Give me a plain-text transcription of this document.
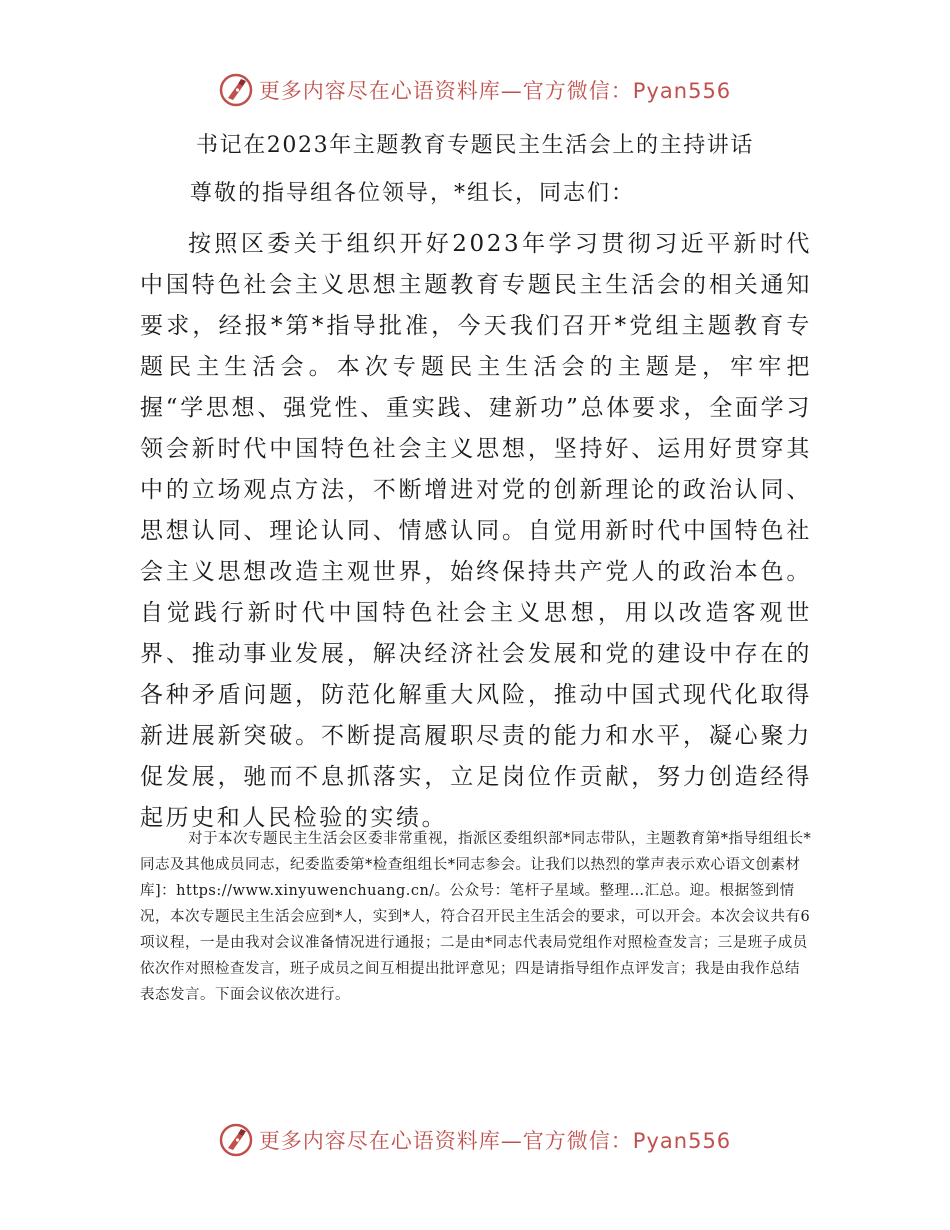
更多内容尽在心语资料库—官方微信：Pyan556
书记在2023年主题教育专题民主生活会上的主持讲话
尊敬的指导组各位领导，*组长，同志们：

按照区委关于组织开好2023年学习贯彻习近平新时代中国特色社会主义思想主题教育专题民主生活会的相关通知要求，经报*第*指导批准，今天我们召开*党组主题教育专题民主生活会。本次专题民主生活会的主题是，牢牢把握“学思想、强党性、重实践、建新功”总体要求，全面学习领会新时代中国特色社会主义思想，坚持好、运用好贯穿其中的立场观点方法，不断增进对党的创新理论的政治认同、思想认同、理论认同、情感认同。自觉用新时代中国特色社会主义思想改造主观世界，始终保持共产党人的政治本色。自觉践行新时代中国特色社会主义思想，用以改造客观世界、推动事业发展，解决经济社会发展和党的建设中存在的各种矛盾问题，防范化解重大风险，推动中国式现代化取得新进展新突破。不断提高履职尽责的能力和水平，凝心聚力促发展，驰而不息抓落实，立足岗位作贡献，努力创造经得起历史和人民检验的实绩。

对于本次专题民主生活会区委非常重视，指派区委组织部*同志带队，主题教育第*指导组组长*同志及其他成员同志，纪委监委第*检查组组长*同志参会。让我们以热烈的掌声表示欢心语文创素材库]：https://www.xinyuwenchuang.cn/。公众号：笔杆子星域。整理…汇总。迎。根据签到情况，本次专题民主生活会应到*人，实到*人，符合召开民主生活会的要求，可以开会。本次会议共有6项议程，一是由我对会议准备情况进行通报；二是由*同志代表局党组作对照检查发言；三是班子成员依次作对照检查发言，班子成员之间互相提出批评意见；四是请指导组作点评发言；我是由我作总结表态发言。下面会议依次进行。

更多内容尽在心语资料库—官方微信：Pyan556
